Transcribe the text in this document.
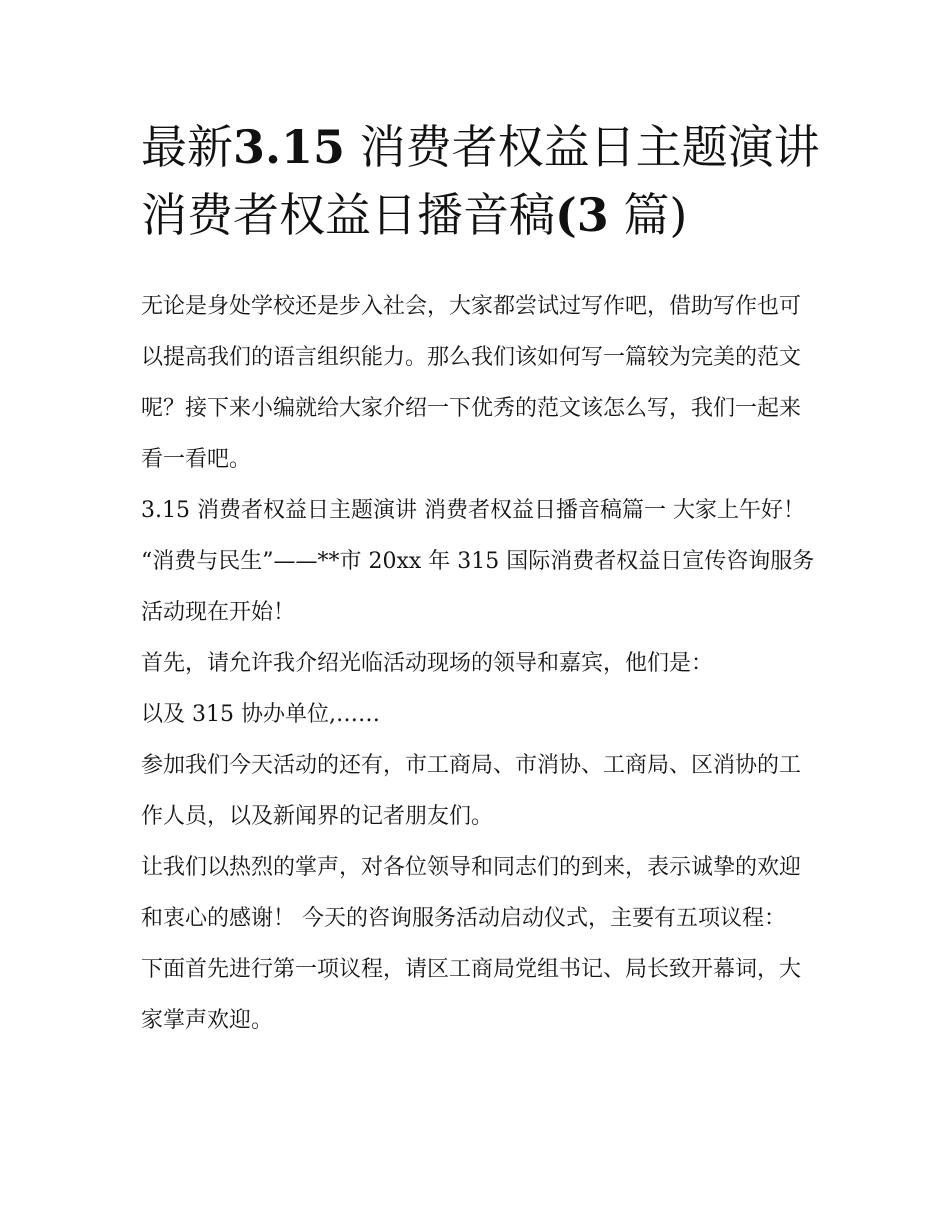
最新3.15 消费者权益日主题演讲 消费者权益日播音稿(3 篇)

无论是身处学校还是步入社会，大家都尝试过写作吧，借助写作也可以提高我们的语言组织能力。那么我们该如何写一篇较为完美的范文呢？接下来小编就给大家介绍一下优秀的范文该怎么写，我们一起来看一看吧。

3.15 消费者权益日主题演讲 消费者权益日播音稿篇一 大家上午好！ “消费与民生”——**市 20xx 年 315 国际消费者权益日宣传咨询服务活动现在开始！

首先，请允许我介绍光临活动现场的领导和嘉宾，他们是：

以及 315 协办单位,……

参加我们今天活动的还有，市工商局、市消协、工商局、区消协的工作人员，以及新闻界的记者朋友们。

让我们以热烈的掌声，对各位领导和同志们的到来，表示诚挚的欢迎和衷心的感谢！ 今天的咨询服务活动启动仪式，主要有五项议程：

下面首先进行第一项议程，请区工商局党组书记、局长致开幕词，大家掌声欢迎。
